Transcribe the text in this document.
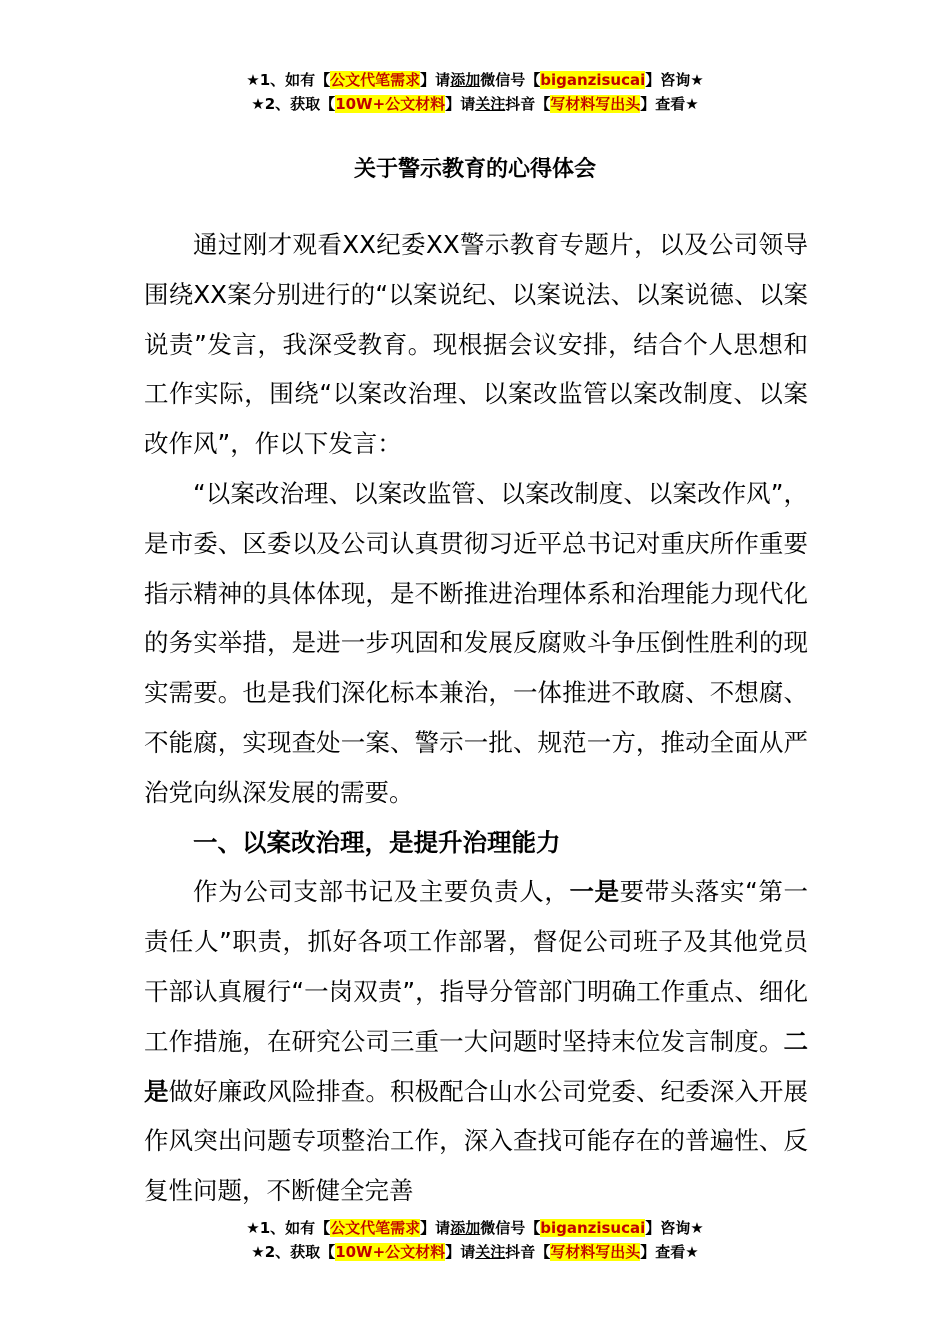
★1、如有【公文代笔需求】请添加微信号【biganzisucai】咨询★
★2、获取【10W+公文材料】请关注抖音【写材料写出头】查看★
关于警示教育的心得体会

通过刚才观看XX纪委XX警示教育专题片，以及公司领导围绕XX案分别进行的“以案说纪、以案说法、以案说德、以案说责”发言，我深受教育。现根据会议安排，结合个人思想和工作实际，围绕“以案改治理、以案改监管以案改制度、以案改作风”，作以下发言：

“以案改治理、以案改监管、以案改制度、以案改作风”，是市委、区委以及公司认真贯彻习近平总书记对重庆所作重要指示精神的具体体现，是不断推进治理体系和治理能力现代化的务实举措，是进一步巩固和发展反腐败斗争压倒性胜利的现实需要。也是我们深化标本兼治，一体推进不敢腐、不想腐、不能腐，实现查处一案、警示一批、规范一方，推动全面从严治党向纵深发展的需要。

一、以案改治理，是提升治理能力

作为公司支部书记及主要负责人，一是要带头落实“第一责任人”职责，抓好各项工作部署，督促公司班子及其他党员干部认真履行“一岗双责”，指导分管部门明确工作重点、细化工作措施，在研究公司三重一大问题时坚持末位发言制度。二是做好廉政风险排查。积极配合山水公司党委、纪委深入开展作风突出问题专项整治工作，深入查找可能存在的普遍性、反复性问题，不断健全完善

★1、如有【公文代笔需求】请添加微信号【biganzisucai】咨询★
★2、获取【10W+公文材料】请关注抖音【写材料写出头】查看★
